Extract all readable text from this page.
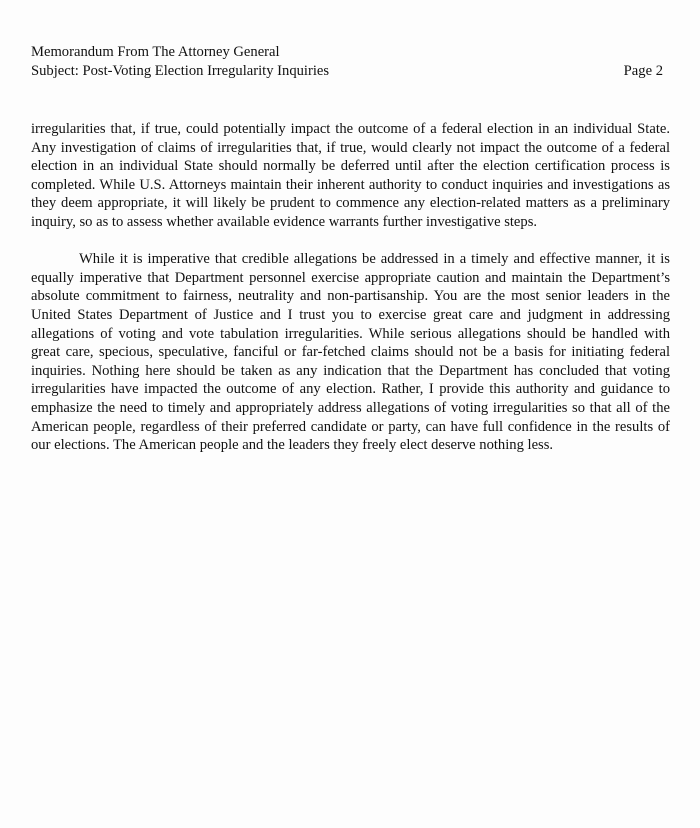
Memorandum From The Attorney General
Subject: Post-Voting Election Irregularity Inquiries	Page 2

irregularities that, if true, could potentially impact the outcome of a federal election in an individual State. Any investigation of claims of irregularities that, if true, would clearly not impact the outcome of a federal election in an individual State should normally be deferred until after the election certification process is completed. While U.S. Attorneys maintain their inherent authority to conduct inquiries and investigations as they deem appropriate, it will likely be prudent to commence any election-related matters as a preliminary inquiry, so as to assess whether available evidence warrants further investigative steps.

While it is imperative that credible allegations be addressed in a timely and effective manner, it is equally imperative that Department personnel exercise appropriate caution and maintain the Department’s absolute commitment to fairness, neutrality and non-partisanship. You are the most senior leaders in the United States Department of Justice and I trust you to exercise great care and judgment in addressing allegations of voting and vote tabulation irregularities. While serious allegations should be handled with great care, specious, speculative, fanciful or far-fetched claims should not be a basis for initiating federal inquiries. Nothing here should be taken as any indication that the Department has concluded that voting irregularities have impacted the outcome of any election. Rather, I provide this authority and guidance to emphasize the need to timely and appropriately address allegations of voting irregularities so that all of the American people, regardless of their preferred candidate or party, can have full confidence in the results of our elections. The American people and the leaders they freely elect deserve nothing less.
